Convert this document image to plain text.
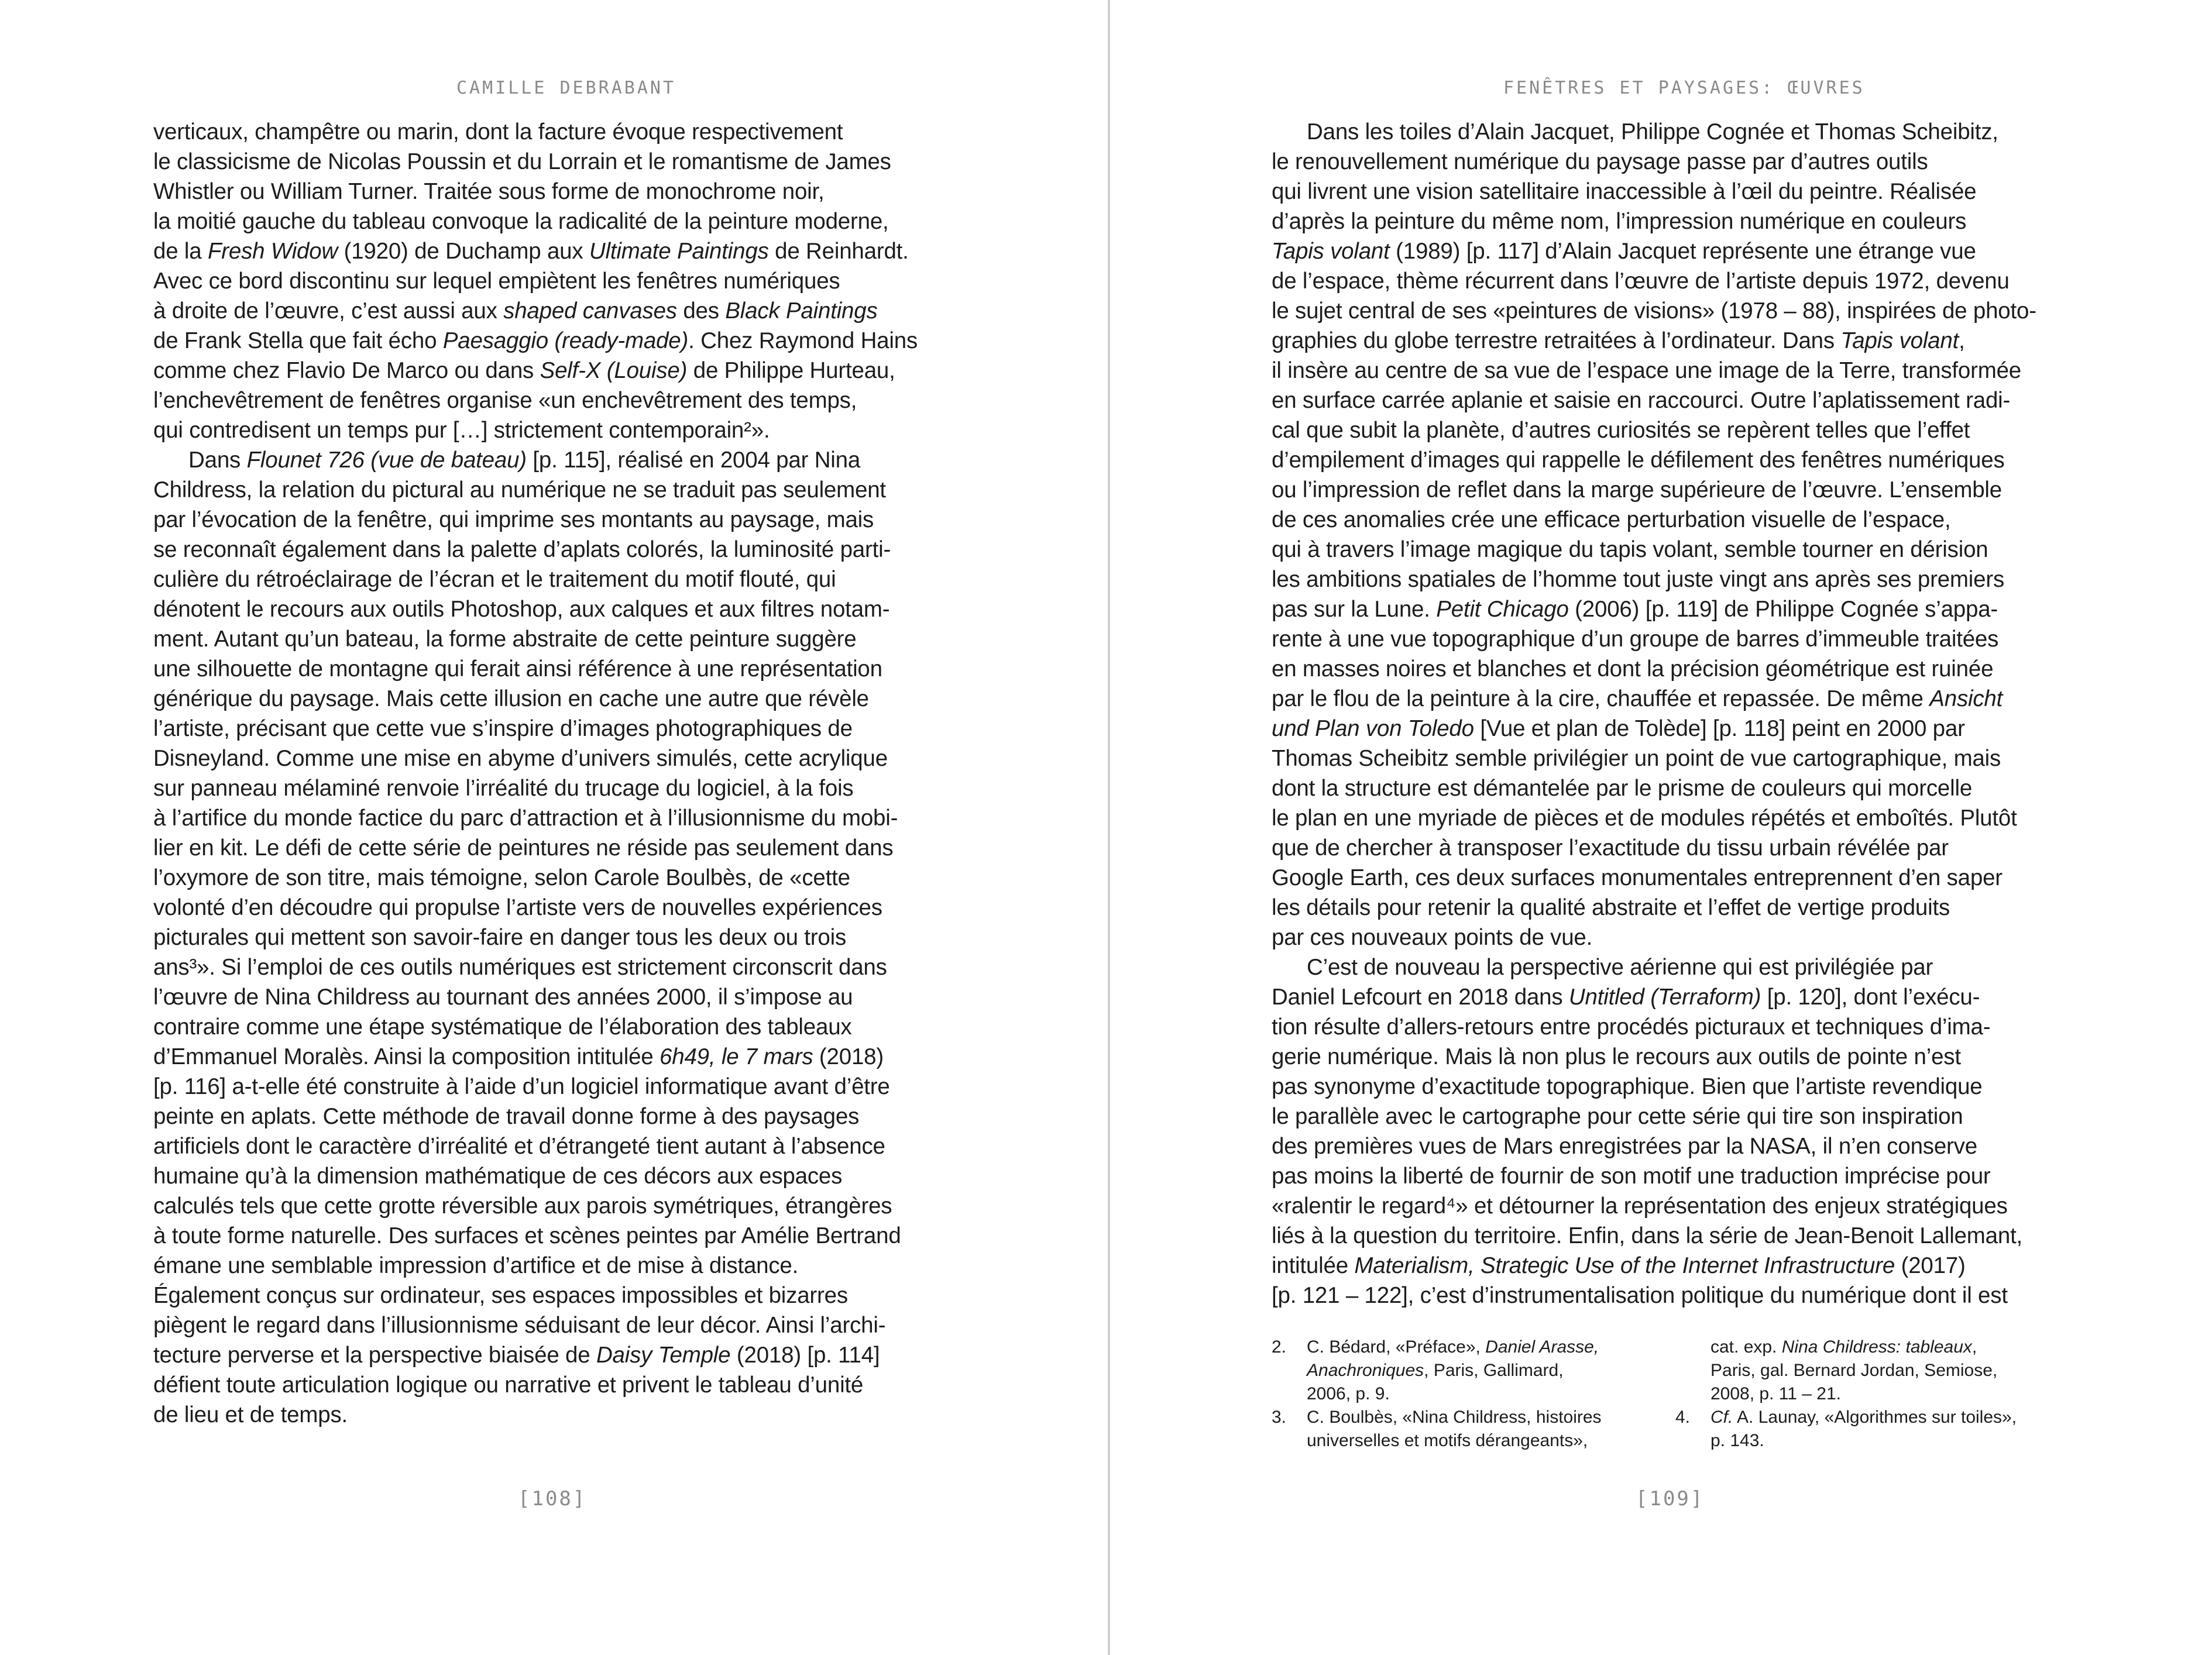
CAMILLE DEBRABANT
verticaux, champêtre ou marin, dont la facture évoque respectivement
le classicisme de Nicolas Poussin et du Lorrain et le romantisme de James
Whistler ou William Turner. Traitée sous forme de monochrome noir,
la moitié gauche du tableau convoque la radicalité de la peinture moderne,
de la Fresh Widow (1920) de Duchamp aux Ultimate Paintings de Reinhardt.
Avec ce bord discontinu sur lequel empiètent les fenêtres numériques
à droite de l’œuvre, c’est aussi aux shaped canvases des Black Paintings
de Frank Stella que fait écho Paesaggio (ready-made). Chez Raymond Hains
comme chez Flavio De Marco ou dans Self-X (Louise) de Philippe Hurteau,
l’enchevêtrement de fenêtres organise «un enchevêtrement des temps,
qui contredisent un temps pur […] strictement contemporain²».
Dans Flounet 726 (vue de bateau) [p. 115], réalisé en 2004 par Nina
Childress, la relation du pictural au numérique ne se traduit pas seulement
par l’évocation de la fenêtre, qui imprime ses montants au paysage, mais
se reconnaît également dans la palette d’aplats colorés, la luminosité parti-
culière du rétroéclairage de l’écran et le traitement du motif flouté, qui
dénotent le recours aux outils Photoshop, aux calques et aux filtres notam-
ment. Autant qu’un bateau, la forme abstraite de cette peinture suggère
une silhouette de montagne qui ferait ainsi référence à une représentation
générique du paysage. Mais cette illusion en cache une autre que révèle
l’artiste, précisant que cette vue s’inspire d’images photographiques de
Disneyland. Comme une mise en abyme d’univers simulés, cette acrylique
sur panneau mélaminé renvoie l’irréalité du trucage du logiciel, à la fois
à l’artifice du monde factice du parc d’attraction et à l’illusionnisme du mobi-
lier en kit. Le défi de cette série de peintures ne réside pas seulement dans
l’oxymore de son titre, mais témoigne, selon Carole Boulbès, de «cette
volonté d’en découdre qui propulse l’artiste vers de nouvelles expériences
picturales qui mettent son savoir-faire en danger tous les deux ou trois
ans³». Si l’emploi de ces outils numériques est strictement circonscrit dans
l’œuvre de Nina Childress au tournant des années 2000, il s’impose au
contraire comme une étape systématique de l’élaboration des tableaux
d’Emmanuel Moralès. Ainsi la composition intitulée 6h49, le 7 mars (2018)
[p. 116] a-t-elle été construite à l’aide d’un logiciel informatique avant d’être
peinte en aplats. Cette méthode de travail donne forme à des paysages
artificiels dont le caractère d’irréalité et d’étrangeté tient autant à l’absence
humaine qu’à la dimension mathématique de ces décors aux espaces
calculés tels que cette grotte réversible aux parois symétriques, étrangères
à toute forme naturelle. Des surfaces et scènes peintes par Amélie Bertrand
émane une semblable impression d’artifice et de mise à distance.
Également conçus sur ordinateur, ses espaces impossibles et bizarres
piègent le regard dans l’illusionnisme séduisant de leur décor. Ainsi l’archi-
tecture perverse et la perspective biaisée de Daisy Temple (2018) [p. 114]
défient toute articulation logique ou narrative et privent le tableau d’unité
de lieu et de temps.

[108]

FENÊTRES ET PAYSAGES: ŒUVRES
Dans les toiles d’Alain Jacquet, Philippe Cognée et Thomas Scheibitz,
le renouvellement numérique du paysage passe par d’autres outils
qui livrent une vision satellitaire inaccessible à l’œil du peintre. Réalisée
d’après la peinture du même nom, l’impression numérique en couleurs
Tapis volant (1989) [p. 117] d’Alain Jacquet représente une étrange vue
de l’espace, thème récurrent dans l’œuvre de l’artiste depuis 1972, devenu
le sujet central de ses «peintures de visions» (1978 – 88), inspirées de photo-
graphies du globe terrestre retraitées à l’ordinateur. Dans Tapis volant,
il insère au centre de sa vue de l’espace une image de la Terre, transformée
en surface carrée aplanie et saisie en raccourci. Outre l’aplatissement radi-
cal que subit la planète, d’autres curiosités se repèrent telles que l’effet
d’empilement d’images qui rappelle le défilement des fenêtres numériques
ou l’impression de reflet dans la marge supérieure de l’œuvre. L’ensemble
de ces anomalies crée une efficace perturbation visuelle de l’espace,
qui à travers l’image magique du tapis volant, semble tourner en dérision
les ambitions spatiales de l’homme tout juste vingt ans après ses premiers
pas sur la Lune. Petit Chicago (2006) [p. 119] de Philippe Cognée s’appa-
rente à une vue topographique d’un groupe de barres d’immeuble traitées
en masses noires et blanches et dont la précision géométrique est ruinée
par le flou de la peinture à la cire, chauffée et repassée. De même Ansicht
und Plan von Toledo [Vue et plan de Tolède] [p. 118] peint en 2000 par
Thomas Scheibitz semble privilégier un point de vue cartographique, mais
dont la structure est démantelée par le prisme de couleurs qui morcelle
le plan en une myriade de pièces et de modules répétés et emboîtés. Plutôt
que de chercher à transposer l’exactitude du tissu urbain révélée par
Google Earth, ces deux surfaces monumentales entreprennent d’en saper
les détails pour retenir la qualité abstraite et l’effet de vertige produits
par ces nouveaux points de vue.
C’est de nouveau la perspective aérienne qui est privilégiée par
Daniel Lefcourt en 2018 dans Untitled (Terraform) [p. 120], dont l’exécu-
tion résulte d’allers-retours entre procédés picturaux et techniques d’ima-
gerie numérique. Mais là non plus le recours aux outils de pointe n’est
pas synonyme d’exactitude topographique. Bien que l’artiste revendique
le parallèle avec le cartographe pour cette série qui tire son inspiration
des premières vues de Mars enregistrées par la NASA, il n’en conserve
pas moins la liberté de fournir de son motif une traduction imprécise pour
«ralentir le regard⁴» et détourner la représentation des enjeux stratégiques
liés à la question du territoire. Enfin, dans la série de Jean-Benoit Lallemant,
intitulée Materialism, Strategic Use of the Internet Infrastructure (2017)
[p. 121 – 122], c’est d’instrumentalisation politique du numérique dont il est
2. C. Bédard, «Préface», Daniel Arasse,
Anachroniques, Paris, Gallimard,
2006, p. 9.
3. C. Boulbès, «Nina Childress, histoires
universelles et motifs dérangeants»,
cat. exp. Nina Childress: tableaux,
Paris, gal. Bernard Jordan, Semiose,
2008, p. 11 – 21.
4. Cf. A. Launay, «Algorithmes sur toiles»,
p. 143.

[109]
